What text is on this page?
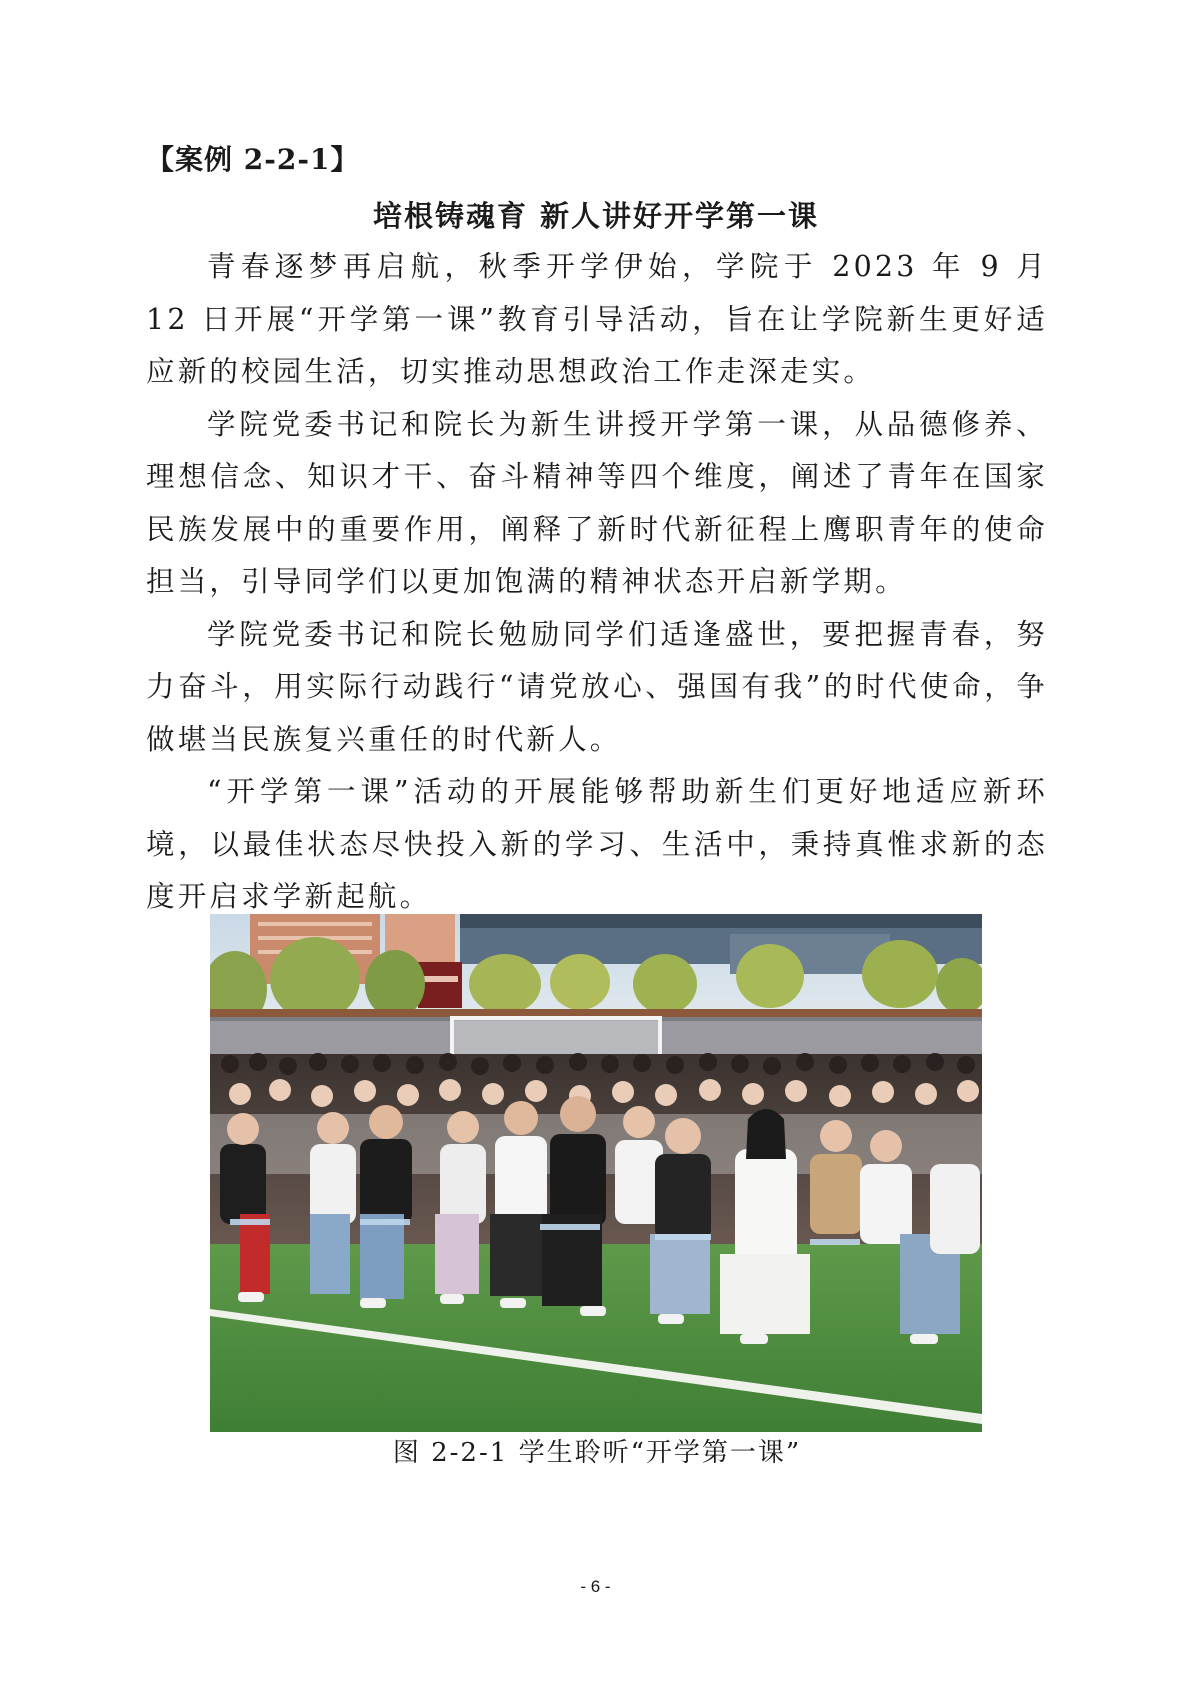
【案例 2-2-1】
培根铸魂育 新人讲好开学第一课

青春逐梦再启航，秋季开学伊始，学院于 2023 年 9 月 12 日开展“开学第一课”教育引导活动，旨在让学院新生更好适应新的校园生活，切实推动思想政治工作走深走实。

学院党委书记和院长为新生讲授开学第一课，从品德修养、理想信念、知识才干、奋斗精神等四个维度，阐述了青年在国家民族发展中的重要作用，阐释了新时代新征程上鹰职青年的使命担当，引导同学们以更加饱满的精神状态开启新学期。

学院党委书记和院长勉励同学们适逢盛世，要把握青春，努力奋斗，用实际行动践行“请党放心、强国有我”的时代使命，争做堪当民族复兴重任的时代新人。

“开学第一课”活动的开展能够帮助新生们更好地适应新环境，以最佳状态尽快投入新的学习、生活中，秉持真惟求新的态度开启求学新起航。

图 2-2-1 学生聆听“开学第一课”
- 6 -
